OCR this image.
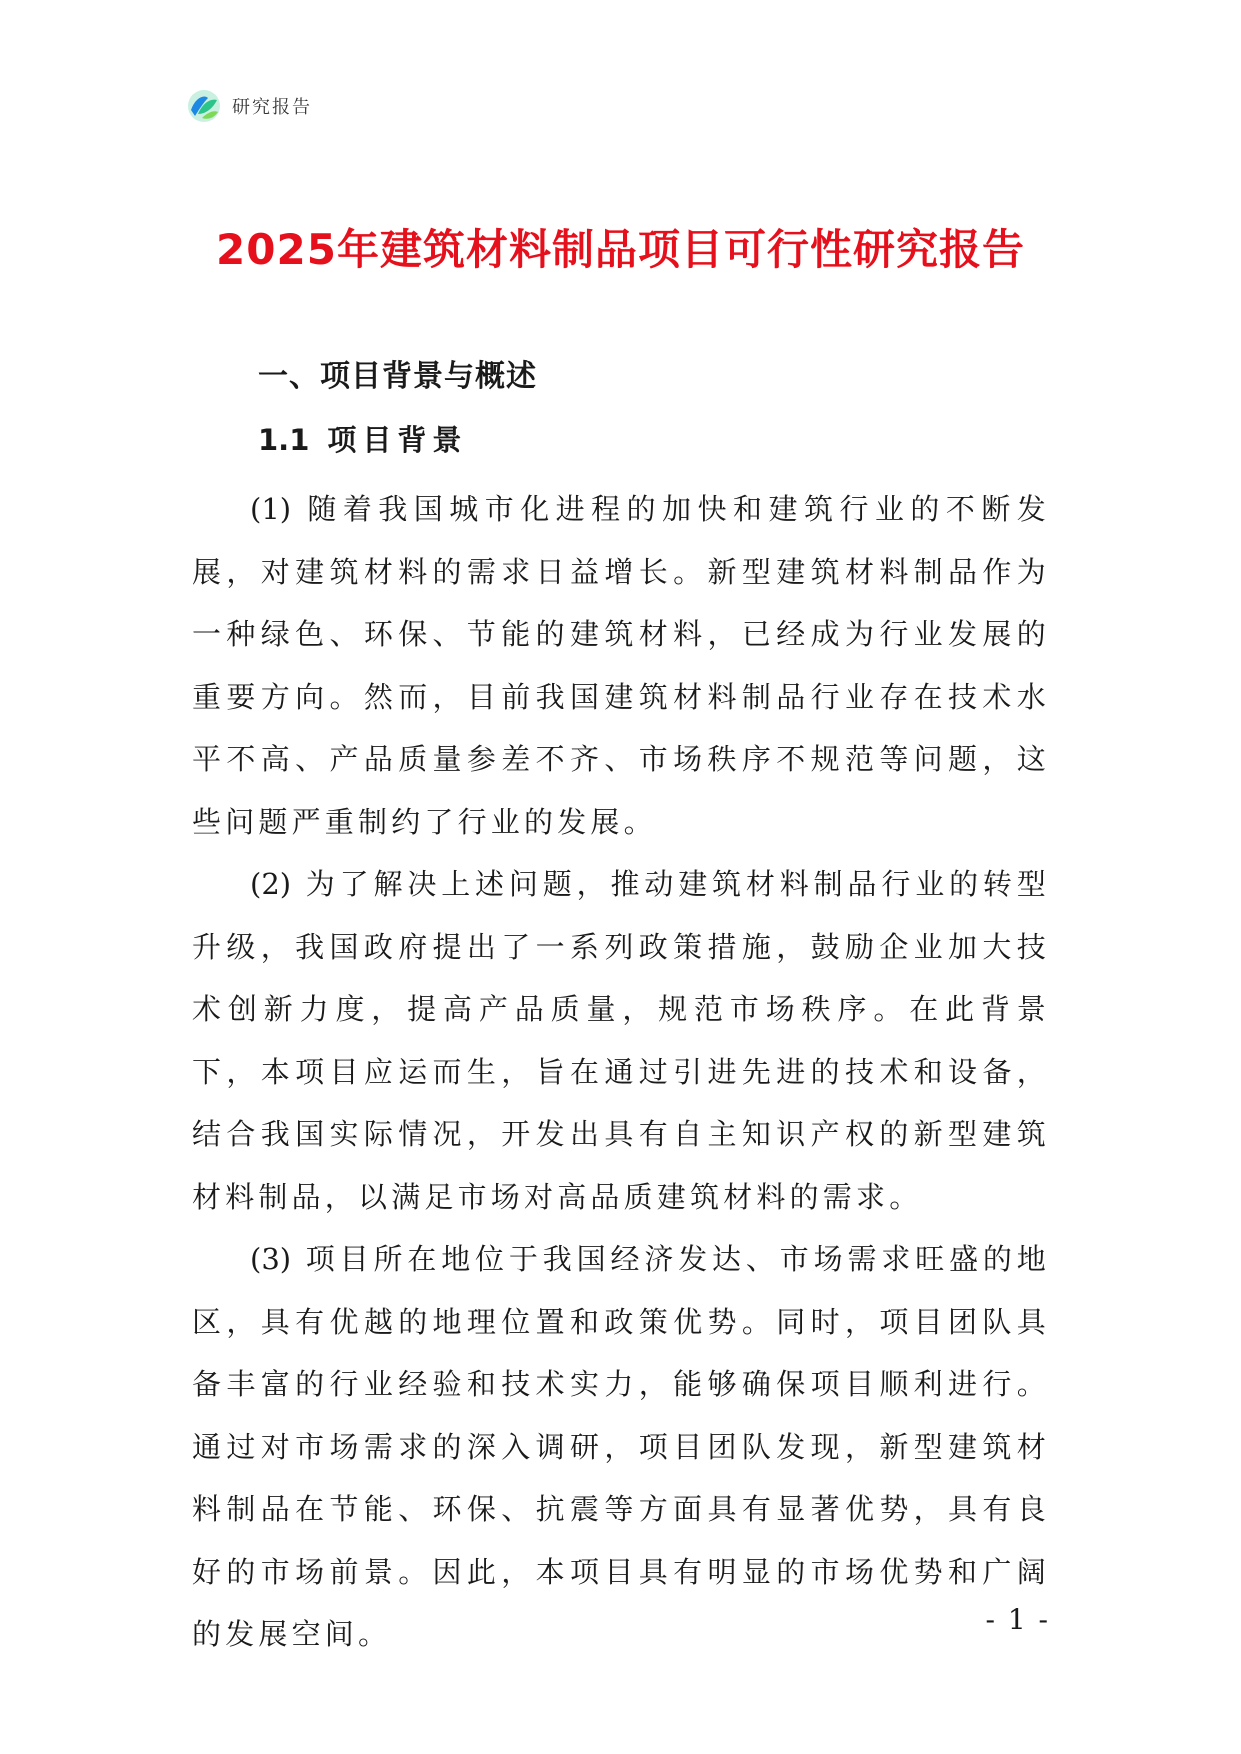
研究报告
2025年建筑材料制品项目可行性研究报告
一、项目背景与概述
1.1 项目背景

(1) 随着我国城市化进程的加快和建筑行业的不断发展，对建筑材料的需求日益增长。新型建筑材料制品作为一种绿色、环保、节能的建筑材料，已经成为行业发展的重要方向。然而，目前我国建筑材料制品行业存在技术水平不高、产品质量参差不齐、市场秩序不规范等问题，这些问题严重制约了行业的发展。

(2) 为了解决上述问题，推动建筑材料制品行业的转型升级，我国政府提出了一系列政策措施，鼓励企业加大技术创新力度，提高产品质量，规范市场秩序。在此背景下，本项目应运而生，旨在通过引进先进的技术和设备，结合我国实际情况，开发出具有自主知识产权的新型建筑材料制品，以满足市场对高品质建筑材料的需求。

(3) 项目所在地位于我国经济发达、市场需求旺盛的地区，具有优越的地理位置和政策优势。同时，项目团队具备丰富的行业经验和技术实力，能够确保项目顺利进行。通过对市场需求的深入调研，项目团队发现，新型建筑材料制品在节能、环保、抗震等方面具有显著优势，具有良好的市场前景。因此，本项目具有明显的市场优势和广阔的发展空间。	- 1 -
